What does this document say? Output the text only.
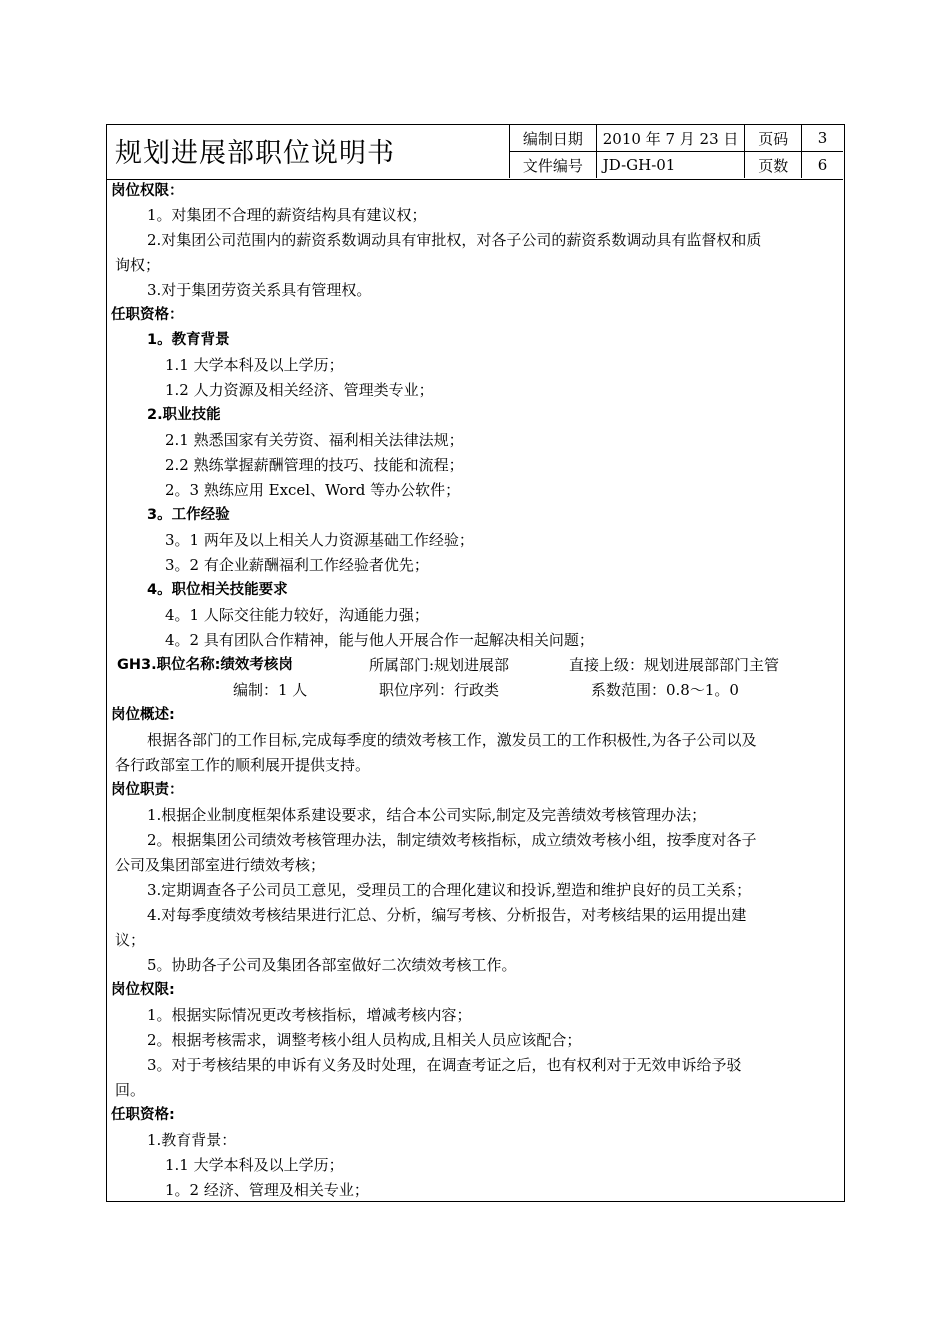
规划进展部职位说明书	编制日期	2010 年 7 月 23 日	页码	3
文件编号	JD-GH-01	页数	6
岗位权限：
1。对集团不合理的薪资结构具有建议权；
2.对集团公司范围内的薪资系数调动具有审批权，对各子公司的薪资系数调动具有监督权和质
询权；
3.对于集团劳资关系具有管理权。
任职资格：
1。教育背景
1.1 大学本科及以上学历；
1.2 人力资源及相关经济、管理类专业；
2.职业技能
2.1 熟悉国家有关劳资、福利相关法律法规；
2.2 熟练掌握薪酬管理的技巧、技能和流程；
2。3 熟练应用 Excel、Word 等办公软件；
3。工作经验
3。1 两年及以上相关人力资源基础工作经验；
3。2 有企业薪酬福利工作经验者优先；
4。职位相关技能要求
4。1 人际交往能力较好，沟通能力强；
4。2 具有团队合作精神，能与他人开展合作一起解决相关问题；
GH3.职位名称:绩效考核岗	所属部门:规划进展部	直接上级：规划进展部部门主管
编制：1 人	职位序列：行政类	系数范围：0.8～1。0
岗位概述:
根据各部门的工作目标,完成每季度的绩效考核工作，激发员工的工作积极性,为各子公司以及
各行政部室工作的顺利展开提供支持。
岗位职责：
1.根据企业制度框架体系建设要求，结合本公司实际,制定及完善绩效考核管理办法；
2。根据集团公司绩效考核管理办法，制定绩效考核指标，成立绩效考核小组，按季度对各子
公司及集团部室进行绩效考核；
3.定期调查各子公司员工意见，受理员工的合理化建议和投诉,塑造和维护良好的员工关系；
4.对每季度绩效考核结果进行汇总、分析，编写考核、分析报告，对考核结果的运用提出建
议；
5。协助各子公司及集团各部室做好二次绩效考核工作。
岗位权限:
1。根据实际情况更改考核指标，增减考核内容；
2。根据考核需求，调整考核小组人员构成,且相关人员应该配合；
3。对于考核结果的申诉有义务及时处理，在调查考证之后，也有权利对于无效申诉给予驳
回。
任职资格:
1.教育背景：
1.1 大学本科及以上学历；
1。2 经济、管理及相关专业；
